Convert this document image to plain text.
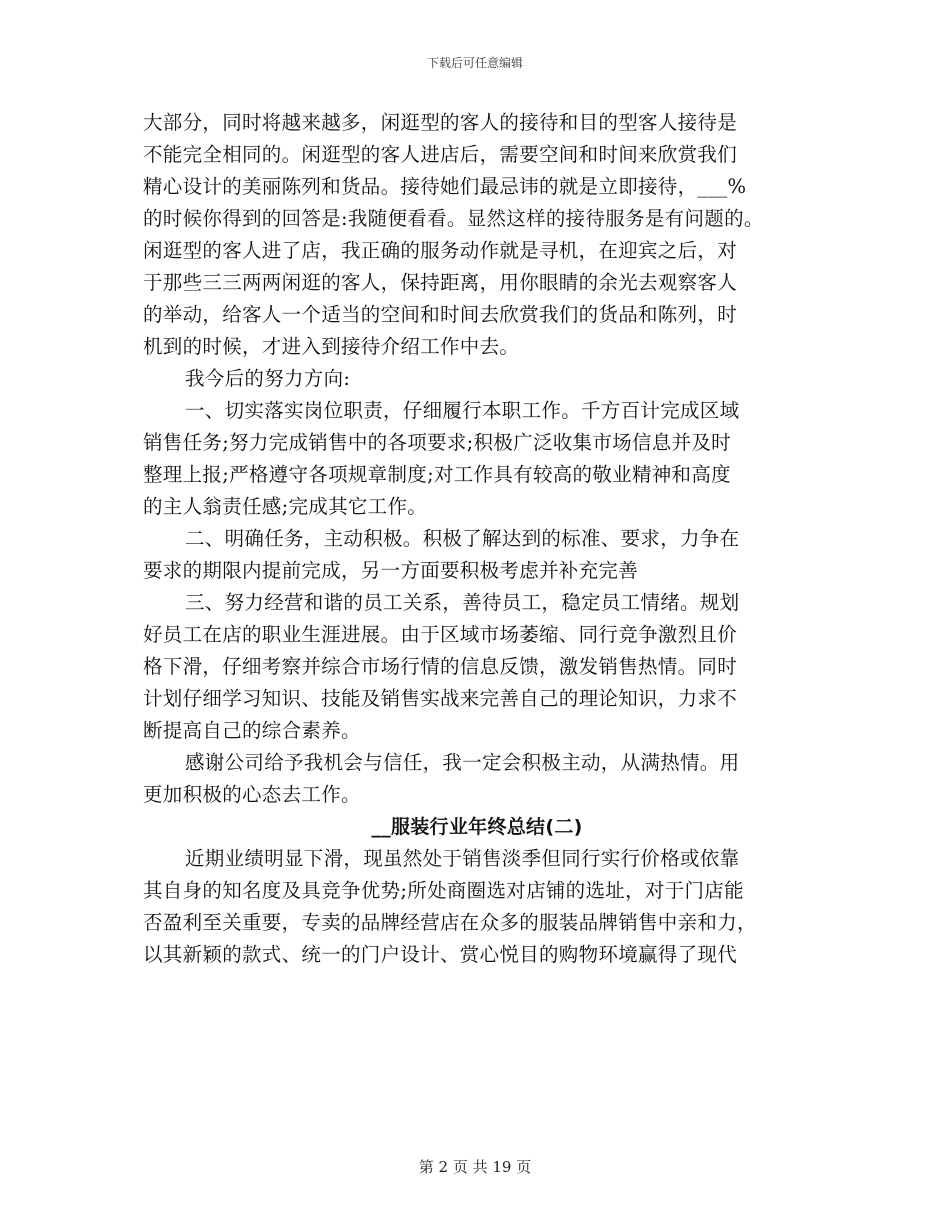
下载后可任意编辑
大部分，同时将越来越多，闲逛型的客人的接待和目的型客人接待是
不能完全相同的。闲逛型的客人进店后，需要空间和时间来欣赏我们
精心设计的美丽陈列和货品。接待她们最忌讳的就是立即接待，___%
的时候你得到的回答是:我随便看看。显然这样的接待服务是有问题的。
闲逛型的客人进了店，我正确的服务动作就是寻机，在迎宾之后，对
于那些三三两两闲逛的客人，保持距离，用你眼睛的余光去观察客人
的举动，给客人一个适当的空间和时间去欣赏我们的货品和陈列，时
机到的时候，才进入到接待介绍工作中去。
我今后的努力方向:
一、切实落实岗位职责，仔细履行本职工作。千方百计完成区域
销售任务;努力完成销售中的各项要求;积极广泛收集市场信息并及时
整理上报;严格遵守各项规章制度;对工作具有较高的敬业精神和高度
的主人翁责任感;完成其它工作。
二、明确任务，主动积极。积极了解达到的标准、要求，力争在
要求的期限内提前完成，另一方面要积极考虑并补充完善
三、努力经营和谐的员工关系，善待员工，稳定员工情绪。规划
好员工在店的职业生涯进展。由于区域市场萎缩、同行竞争激烈且价
格下滑，仔细考察并综合市场行情的信息反馈，激发销售热情。同时
计划仔细学习知识、技能及销售实战来完善自己的理论知识，力求不
断提高自己的综合素养。
感谢公司给予我机会与信任，我一定会积极主动，从满热情。用
更加积极的心态去工作。
__服装行业年终总结(二)
近期业绩明显下滑，现虽然处于销售淡季但同行实行价格或依靠
其自身的知名度及具竞争优势;所处商圈选对店铺的选址，对于门店能
否盈利至关重要，专卖的品牌经营店在众多的服装品牌销售中亲和力，
以其新颖的款式、统一的门户设计、赏心悦目的购物环境赢得了现代
第 2 页 共 19 页
